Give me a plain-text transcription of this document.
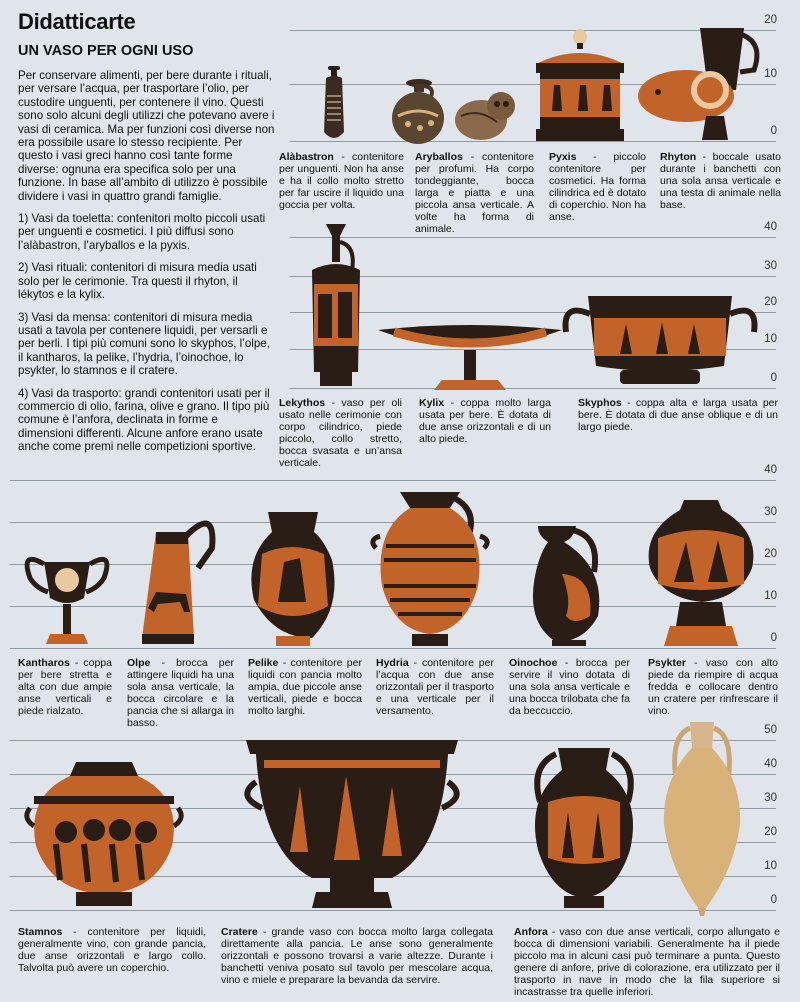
Didatticarte
UN VASO PER OGNI USO

Per conservare alimenti, per bere durante i rituali, per versare l’acqua, per trasportare l’olio, per custodire unguenti, per contenere il vino. Questi sono solo alcuni degli utilizzi che potevano avere i vasi di ceramica. Ma per funzioni così diverse non era possibile usare lo stesso recipiente. Per questo i vasi greci hanno così tante forme diverse: ognuna era specifica solo per una funzione. In base all’ambito di utilizzo è possibile dividere i vasi in quattro grandi famiglie.

1) Vasi da toeletta: contenitori molto piccoli usati per unguenti e cosmetici. I più diffusi sono l’alàbastron, l’aryballos e la pyxis.

2) Vasi rituali: contenitori di misura media usati solo per le cerimonie. Tra questi il rhyton, il lékytos e la kylix.

3) Vasi da mensa: contenitori di misura media usati a tavola per contenere liquidi, per versarli e per berli. I tipi più comuni sono lo skyphos, l’olpe, il kantharos, la pelike, l’hydria, l’oinochoe, lo psykter, lo stamnos e il cratere.

4) Vasi da trasporto: grandi contenitori usati per il commercio di olio, farina, olive e grano. Il tipo più comune è l’anfora, declinata in forme e dimensioni differenti. Alcune anfore erano usate anche come premi nelle competizioni sportive.

20
10
0
40
30
20
10
0
40
30
20
10
0
50
40
30
20
10
0
Alàbastron - contenitore per unguenti. Non ha anse e ha il collo molto stretto per far uscire il liquido una goccia per volta.
Aryballos - contenitore per profumi. Ha corpo tondeggiante, bocca larga e piatta e una piccola ansa verticale. A volte ha forma di animale.
Pyxis - piccolo contenitore per cosmetici. Ha forma cilindrica ed è dotato di coperchio. Non ha anse.
Rhyton - boccale usato durante i banchetti con una sola ansa verticale e una testa di animale nella base.
Lekythos - vaso per oli usato nelle cerimonie con corpo cilindrico, piede piccolo, collo stretto, bocca svasata e un’ansa verticale.
Kylix - coppa molto larga usata per bere. È dotata di due anse orizzontali e di un alto piede.
Skyphos - coppa alta e larga usata per bere. È dotata di due anse oblique e di un largo piede.
Kantharos - coppa per bere stretta e alta con due ampie anse verticali e piede rialzato.
Olpe - brocca per attingere liquidi ha una sola ansa verticale, la bocca circolare e la pancia che si allarga in basso.
Pelike - contenitore per liquidi con pancia molto ampia, due piccole anse verticali, piede e bocca molto larghi.
Hydria - contenitore per l’acqua con due anse orizzontali per il trasporto e una verticale per il versamento.
Oinochoe - brocca per servire il vino dotata di una sola ansa verticale e una bocca trilobata che fa da beccuccio.
Psykter - vaso con alto piede da riempire di acqua fredda e collocare dentro un cratere per rinfrescare il vino.
Stamnos - contenitore per liquidi, generalmente vino, con grande pancia, due anse orizzontali e largo collo. Talvolta può avere un coperchio.
Cratere - grande vaso con bocca molto larga collegata direttamente alla pancia. Le anse sono generalmente orizzontali e possono trovarsi a varie altezze. Durante i banchetti veniva posato sul tavolo per mescolare acqua, vino e miele e preparare la bevanda da servire.
Anfora - vaso con due anse verticali, corpo allungato e bocca di dimensioni variabili. Generalmente ha il piede piccolo ma in alcuni casi può terminare a punta. Questo genere di anfore, prive di colorazione, era utilizzato per il trasporto in nave in modo che la fila superiore si incastrasse tra quelle inferiori.
